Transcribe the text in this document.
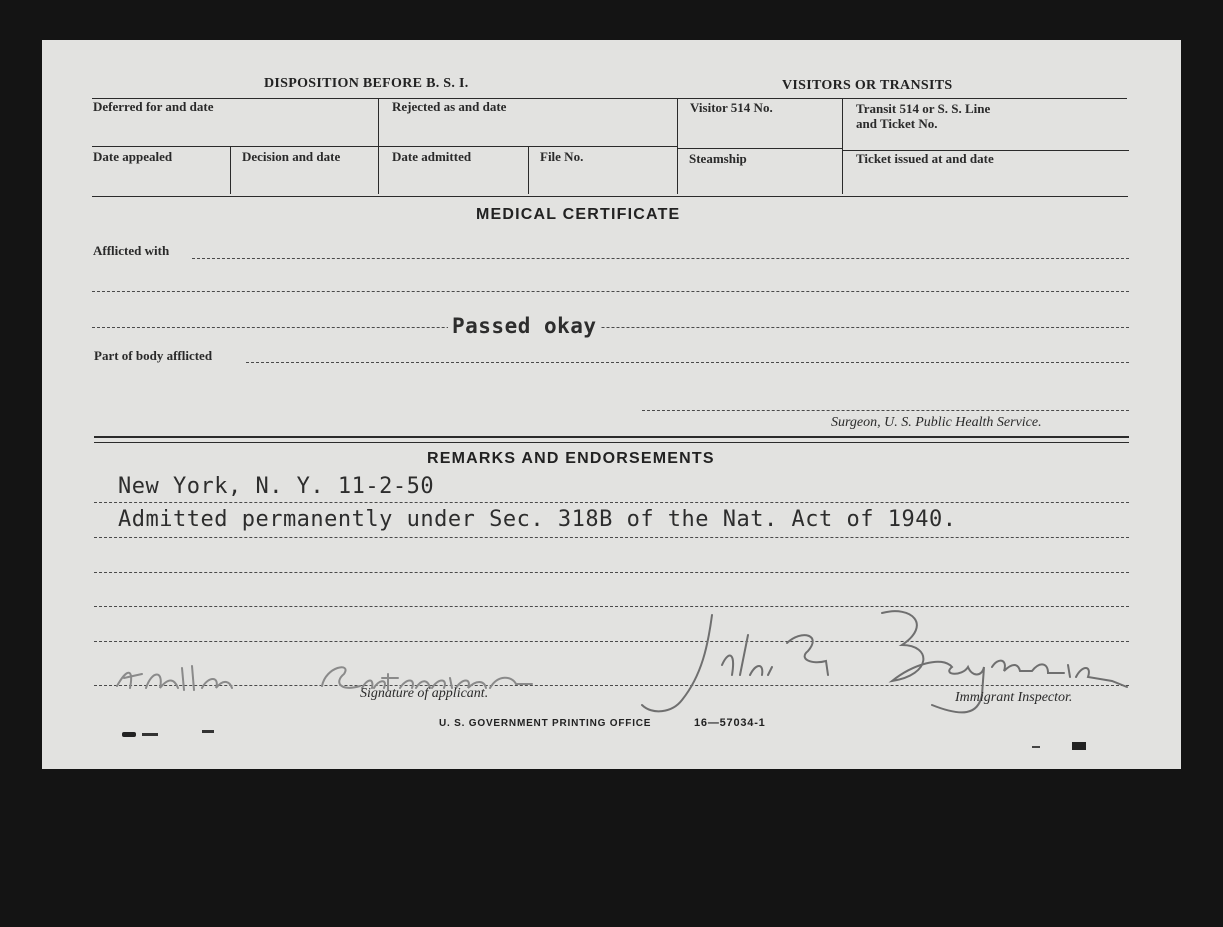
DISPOSITION BEFORE B. S. I.	VISITORS OR TRANSITS
Deferred for and date	Rejected as and date	Visitor 514 No.	Transit 514 or S. S. Line
and Ticket No.
Date appealed	Decision and date	Date admitted	File No.	Steamship	Ticket issued at and date
MEDICAL CERTIFICATE
Afflicted with
Passed okay
Part of body afflicted
Surgeon, U. S. Public Health Service.
REMARKS AND ENDORSEMENTS
New York, N. Y. 11-2-50
Admitted permanently under Sec. 318B of the Nat. Act of 1940.
Signature of applicant.	Immigrant Inspector.
U. S. GOVERNMENT PRINTING OFFICE	16—57034-1
